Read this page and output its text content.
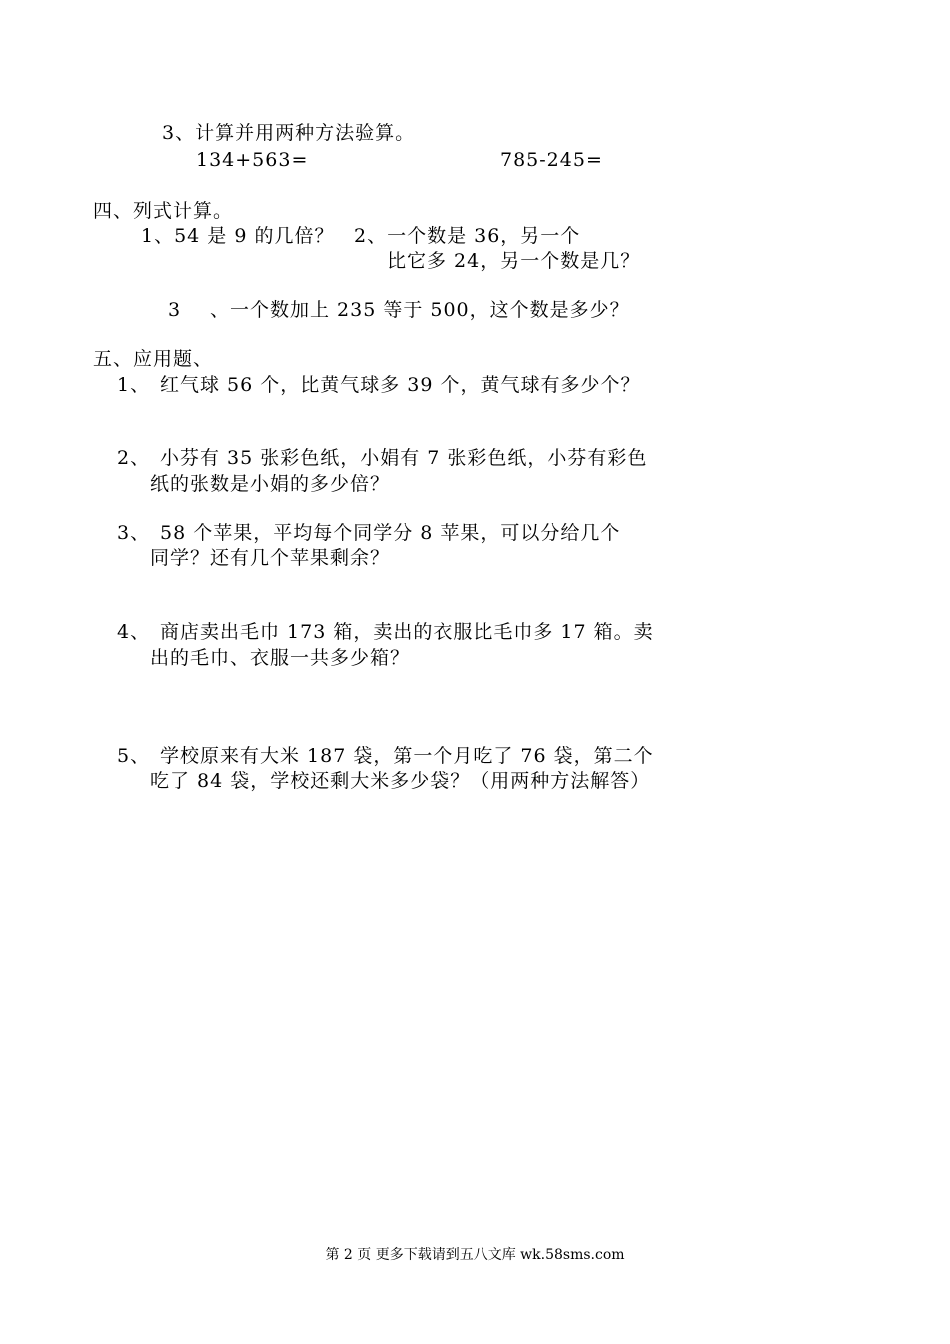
3、计算并用两种方法验算。
134+563=	785-245=
四、列式计算。
1、54 是 9 的几倍？ 2、一个数是 36，另一个
比它多 24，另一个数是几？
3 、一个数加上 235 等于 500，这个数是多少？
五、应用题、
1、 红气球 56 个，比黄气球多 39 个，黄气球有多少个？
2、 小芬有 35 张彩色纸，小娟有 7 张彩色纸，小芬有彩色
纸的张数是小娟的多少倍？
3、 58 个苹果，平均每个同学分 8 苹果，可以分给几个
同学？还有几个苹果剩余？
4、 商店卖出毛巾 173 箱，卖出的衣服比毛巾多 17 箱。卖
出的毛巾、衣服一共多少箱？
5、 学校原来有大米 187 袋，第一个月吃了 76 袋，第二个
吃了 84 袋，学校还剩大米多少袋？（用两种方法解答）
第 2 页 更多下载请到五八文库 wk.58sms.com
